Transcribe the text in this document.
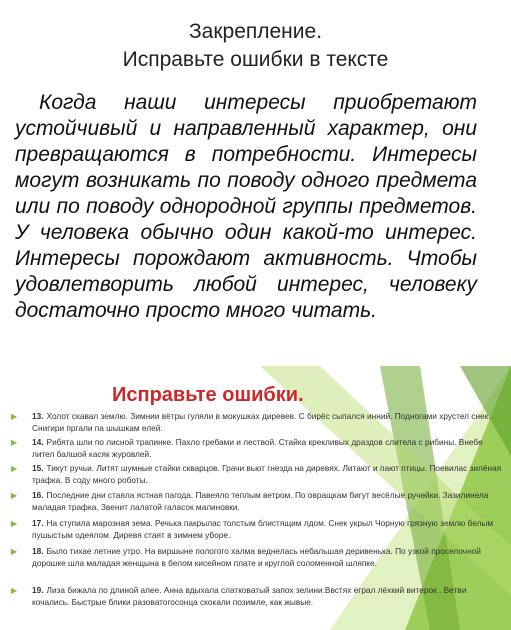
Закрепление.
Исправьте ошибки в тексте
Когда наши интересы приобретают устойчивый и направленный характер, они превращаются в потребности. Интересы могут возникать по поводу одного предмета или по поводу однородной группы предметов. У человека обычно один какой-то интерес. Интересы порождают активность. Чтобы удовлетворить любой интерес, человеку достаточно просто много читать.
Исправьте ошибки.
▶	13. Холот скавал землю. Зимнии вётры гуляли в мокушках диревев. С бирёс сыпался инний. Подногами хрустел снек. Снигири пргали па шышкам елей.
▶	14. Рибята шли по лисной трапинке. Пахло гребами и лествой. Стайка крекливых драздов слитела с рибины. Внебе лител балшой касяк журовлей.
▶	15. Тикут ручьи. Литят шумные стайки скварцов. Грачи вьют гнезда на диревях. Литают и пают птицы. Поевилас зилёная трафка. В соду много роботы.
▶	16. Последние дни стаяла ястная пагода. Павеяло теплым ветром. По овращкам бигут весёлые ручейки. Зазилинела маладая трафка. Звенит лалатой галасок малиновки.
▶	17. На ступила марозная зема. Речька пакрылас толстым блистящим лдом. Снек укрыл Чорную грязную землю белым пушыстым одеялом. Диревя стаят в зимнем уборе.
▶	18. Было тихае летние утро. На виршыне пологого халма веднелась небальшая деривенька. По узкой проселочной дорошке шла маладая женщына в белом кисейном плате и круглой соломенной шляпке.
▶	19. Лиза бижала по длиной алее. Анна вдыхала слатковатый запох зелини.Ввстях еграл лёхкий витерок . Ветви кочались. Быстрые блики разоватогосонца скокали позимле, как жывые.
